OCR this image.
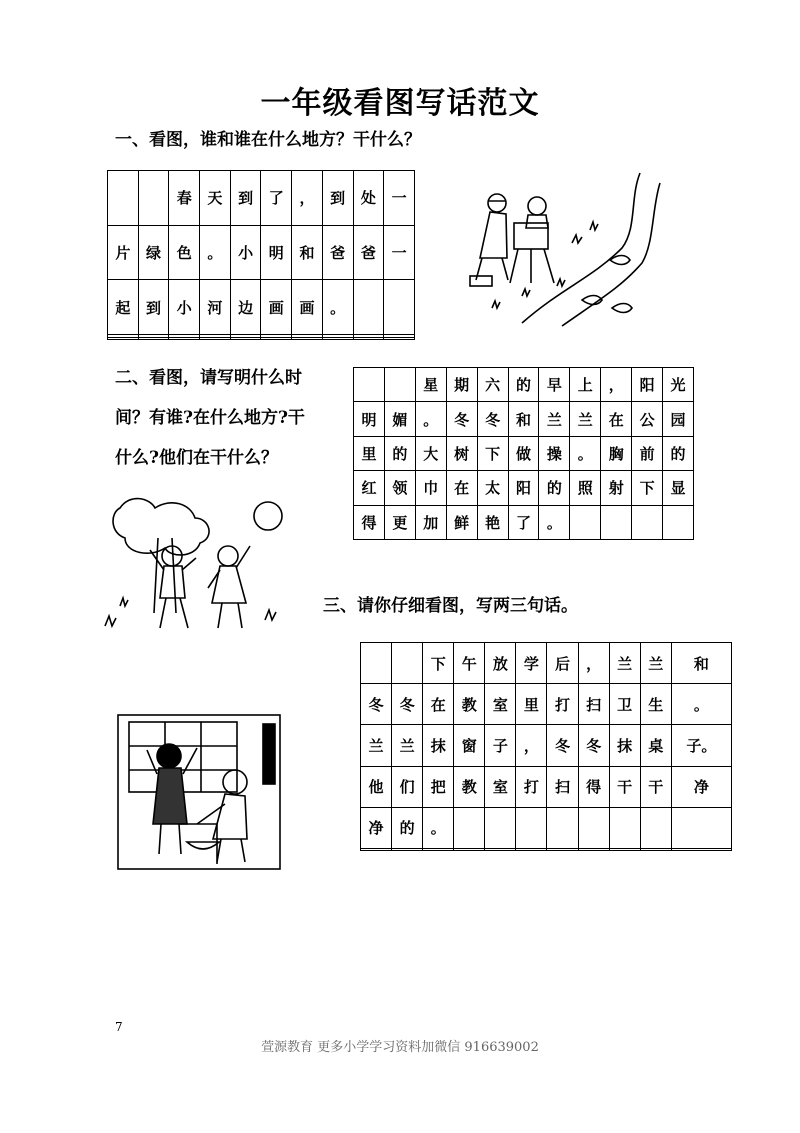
一年级看图写话范文
一、看图，谁和谁在什么地方？干什么？
		春	天	到	了	，	到	处	一
片	绿	色	。	小	明	和	爸	爸	一
起	到	小	河	边	画	画	。		

二、看图，请写明什么时
间？有谁?在什么地方?干
什么?他们在干什么？
		星	期	六	的	早	上	，	阳	光
明	媚	。	冬	冬	和	兰	兰	在	公	园
里	的	大	树	下	做	操	。	胸	前	的
红	领	巾	在	太	阳	的	照	射	下	显
得	更	加	鲜	艳	了	。				
三、请你仔细看图，写两三句话。
		下	午	放	学	后	，	兰	兰	和
冬	冬	在	教	室	里	打	扫	卫	生	。
兰	兰	抹	窗	子	，	冬	冬	抹	桌	子。
他	们	把	教	室	打	扫	得	干	干	净
净	的	。								

7
萱源教育 更多小学学习资料加微信 916639002
